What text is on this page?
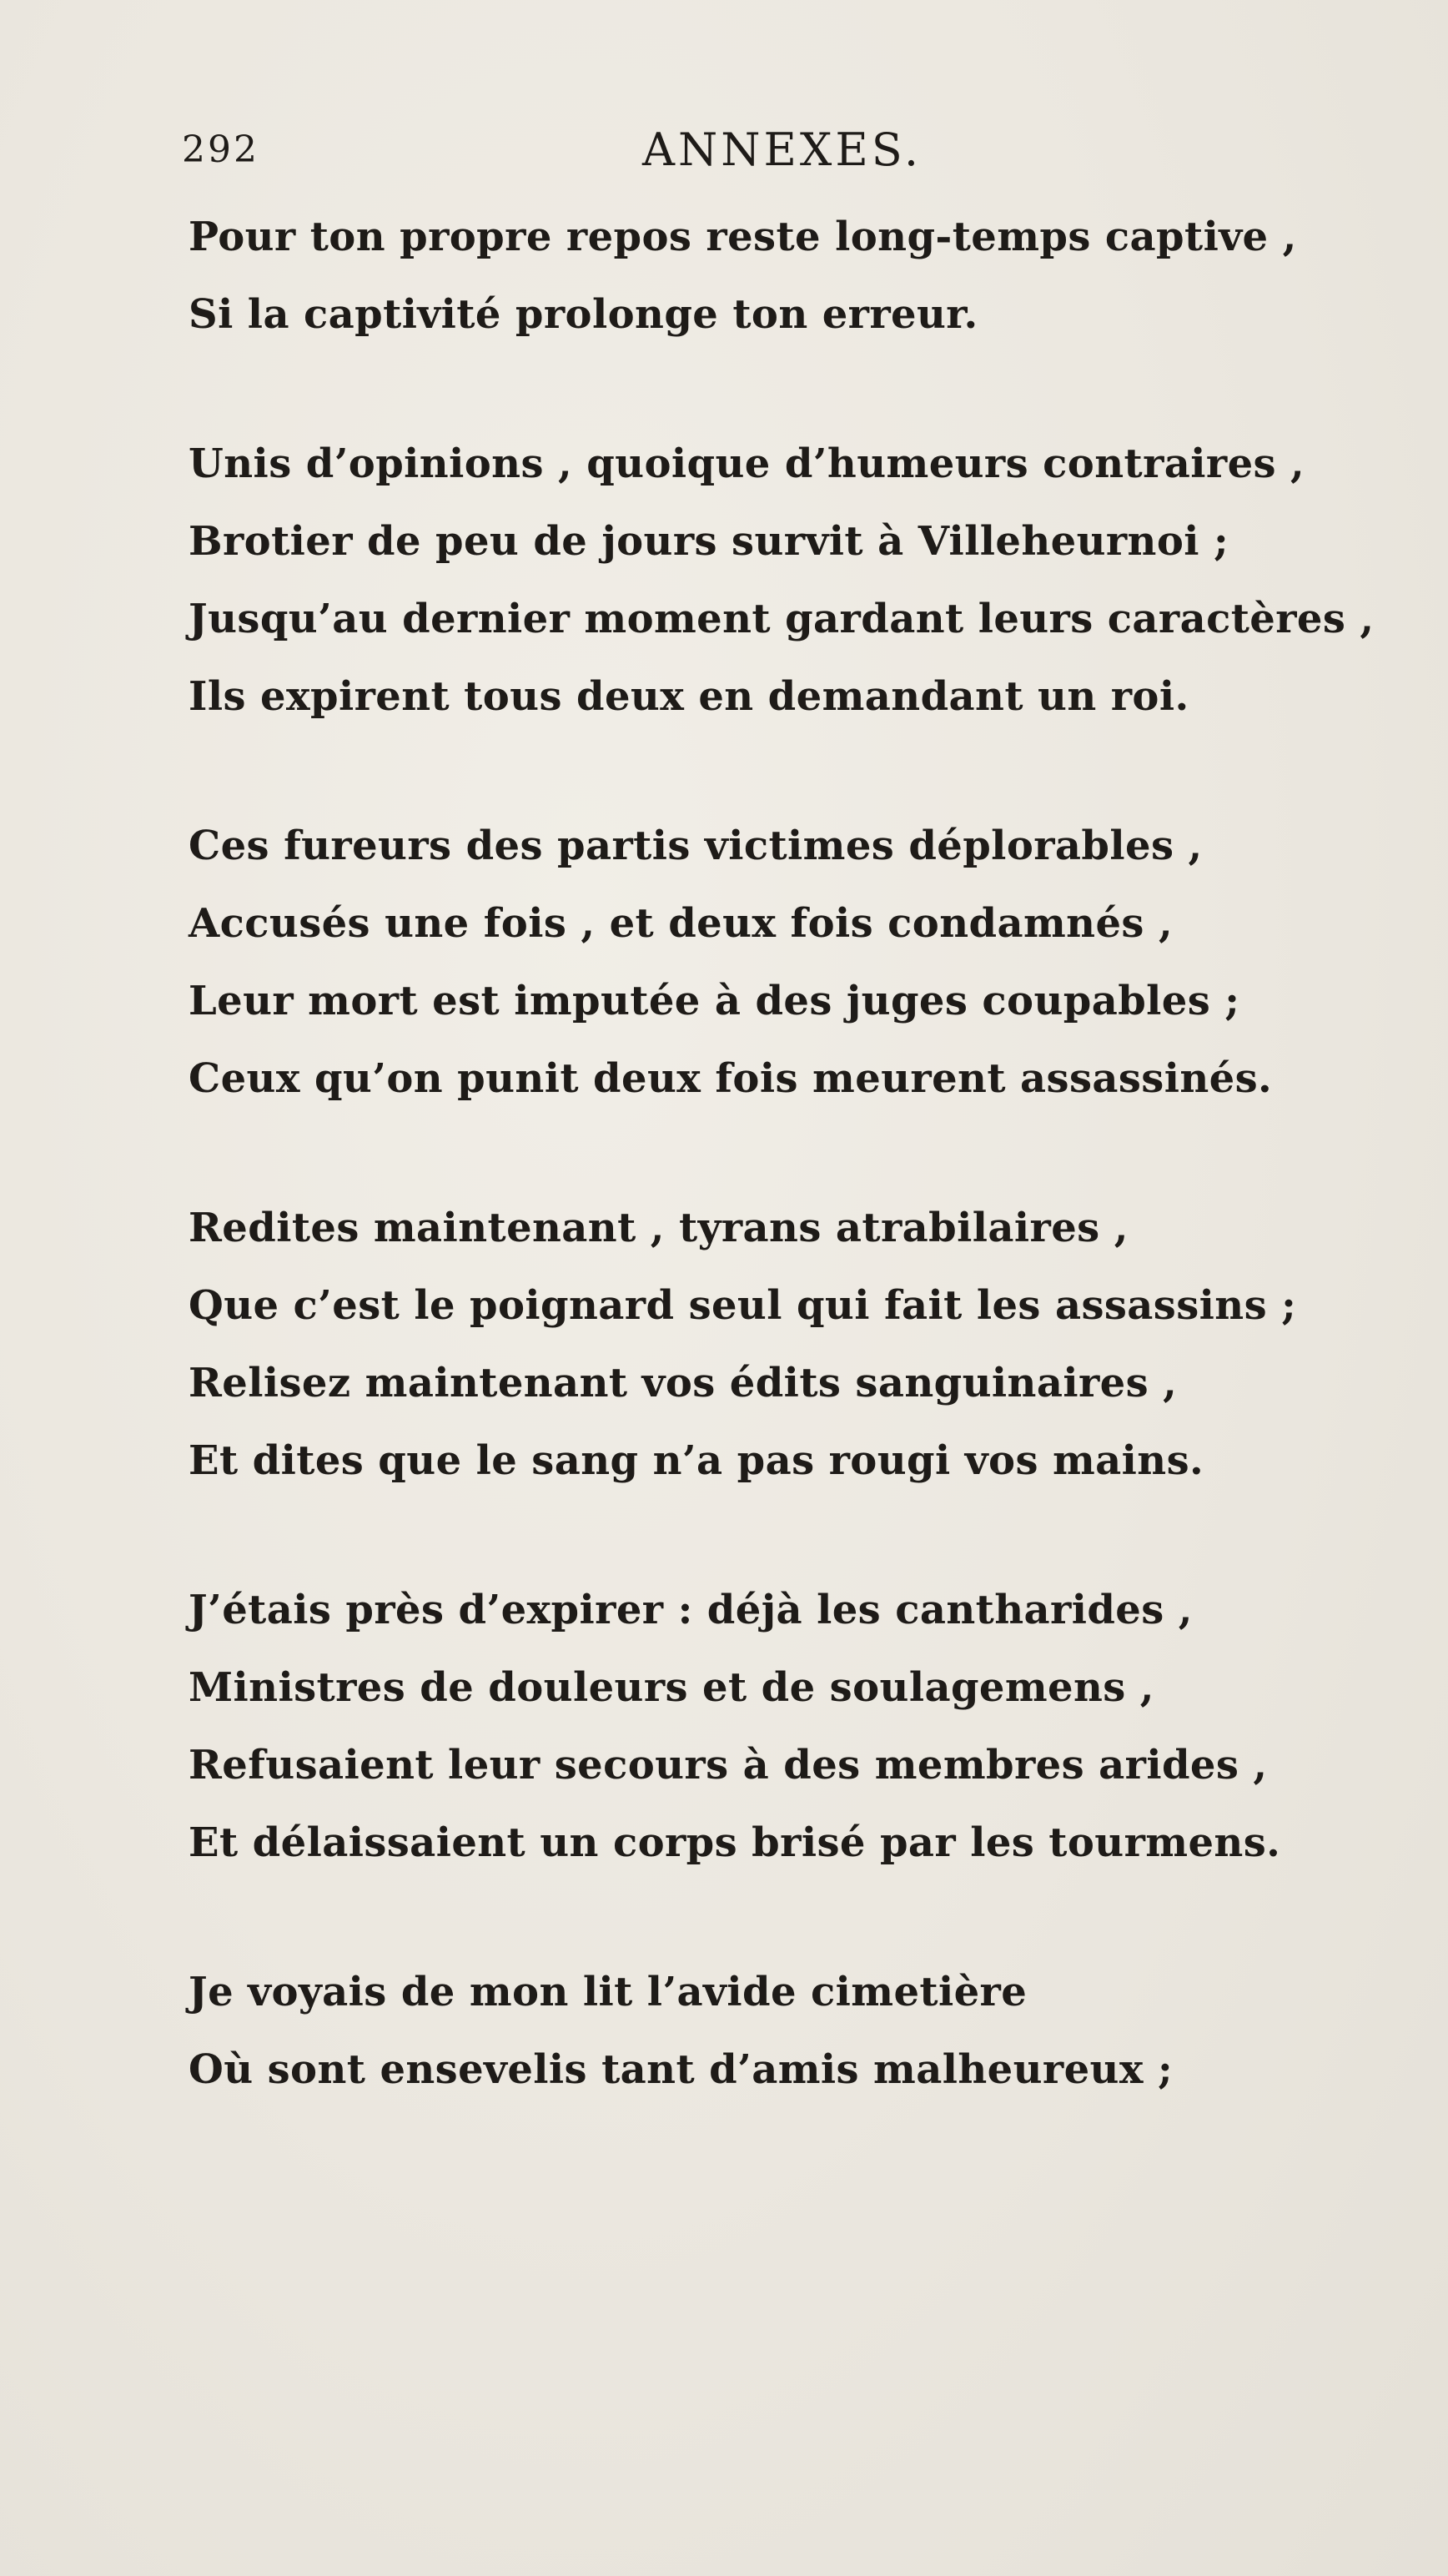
292	ANNEXES.
Pour ton propre repos reste long-temps captive ,
Si la captivité prolonge ton erreur.
Unis d’opinions , quoique d’humeurs contraires ,
Brotier de peu de jours survit à Villeheurnoi ;
Jusqu’au dernier moment gardant leurs caractères ,
Ils expirent tous deux en demandant un roi.
Ces fureurs des partis victimes déplorables ,
Accusés une fois , et deux fois condamnés ,
Leur mort est imputée à des juges coupables ;
Ceux qu’on punit deux fois meurent assassinés.
Redites maintenant , tyrans atrabilaires ,
Que c’est le poignard seul qui fait les assassins ;
Relisez maintenant vos édits sanguinaires ,
Et dites que le sang n’a pas rougi vos mains.
J’étais près d’expirer : déjà les cantharides ,
Ministres de douleurs et de soulagemens ,
Refusaient leur secours à des membres arides ,
Et délaissaient un corps brisé par les tourmens.
Je voyais de mon lit l’avide cimetière
Où sont ensevelis tant d’amis malheureux ;
